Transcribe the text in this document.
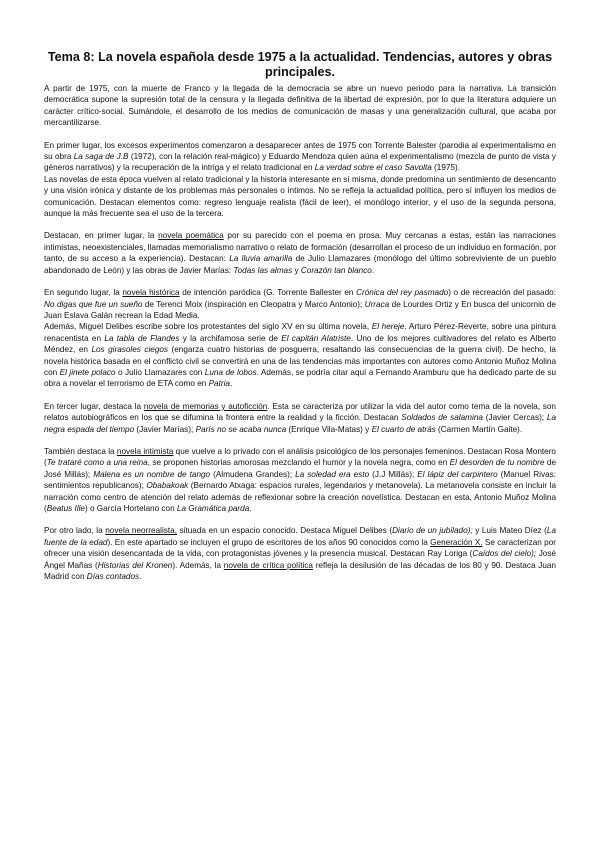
Tema 8: La novela española desde 1975 a la actualidad. Tendencias, autores y obras principales.

A partir de 1975, con la muerte de Franco y la llegada de la democracia se abre un nuevo periodo para la narrativa. La transición democrática supone la supresión total de la censura y la llegada definitiva de la libertad de expresión, por lo que la literatura adquiere un carácter crítico-social. Sumándole, el desarrollo de los medios de comunicación de masas y una generalización cultural, que acaba por mercantilizarse.

En primer lugar, los excesos experimentos comenzaron a desaparecer antes de 1975 con Torrente Balester (parodia al experimentalismo en su obra La saga de J.B (1972), con la relación real-mágico) y Eduardo Mendoza quien aúna el experimentalismo (mezcla de punto de vista y géneros narrativos) y la recuperación de la intriga y el relato tradicional en La verdad sobre el caso Savolta (1975).

Las novelas de esta época vuelven al relato tradicional y la historia interesante en sí misma, donde predomina un sentimiento de desencanto y una visión irónica y distante de los problemas más personales o íntimos. No se refleja la actualidad política, pero sí influyen los medios de comunicación. Destacan elementos como: regreso lenguaje realista (fácil de leer), el monólogo interior, y el uso de la segunda persona, aunque la más frecuente sea el uso de la tercera.

Destacan, en primer lugar, la novela poemática por su parecido con el poema en prosa. Muy cercanas a estas, están las narraciones intimistas, neoexistenciales, llamadas memorialismo narrativo o relato de formación (desarrollan el proceso de un individuo en formación, por tanto, de su acceso a la experiencia). Destacan: La lluvia amarilla de Julio Llamazares (monólogo del último sobreviviente de un pueblo abandonado de León) y las obras de Javier Marías: Todas las almas y Corazón tan blanco.

En segundo lugar, la novela histórica de intención paródica (G. Torrente Ballester en Crónica del rey pasmado) o de recreación del pasado: No digas que fue un sueño de Terenci Moix (inspiración en Cleopatra y Marco Antonio); Urraca de Lourdes Ortiz y En busca del unicornio de Juan Eslava Galán recrean la Edad Media.

Además, Miguel Delibes escribe sobre los protestantes del siglo XV en su última novela, El hereje. Arturo Pérez-Reverte, sobre una pintura renacentista en La tabla de Flandes y la archifamosa serie de El capitán Alatriste. Uno de los mejores cultivadores del relato es Alberto Méndez, en Los girasoles ciegos (engarza cuatro historias de posguerra, resaltando las consecuencias de la guerra civil). De hecho, la novela histórica basada en el conflicto civil se convertirá en una de las tendencias más importantes con autores como Antonio Muñoz Molina con El jinete polaco o Julio Llamazares con Luna de lobos. Además, se podría citar aquí a Fernando Aramburu que ha dedicado parte de su obra a novelar el terrorismo de ETA como en Patria.

En tercer lugar, destaca la novela de memorias y autoficción. Esta se caracteriza por utilizar la vida del autor como tema de la novela, son relatos autobiográficos en los que se difumina la frontera entre la realidad y la ficción. Destacan Soldados de salamina (Javier Cercas); La negra espada del tiempo (Javier Marías); París no se acaba nunca (Enrique Vila-Matas) y El cuarto de atrás (Carmen Martín Gaite).

También destaca la novela intimista que vuelve a lo privado con el análisis psicológico de los personajes femeninos. Destacan Rosa Montero (Te trataré como a una reina, se proponen historias amorosas mezclando el humor y la novela negra, como en El desorden de tu nombre de José Millás); Malena es un nombre de tango (Almudena Grandes); La soledad era esto (J.J Millás); El lápiz del carpintero (Manuel Rivas: sentimientos republicanos); Obabakoak (Bernardo Atxaga: espacios rurales, legendarios y metanovela). La metanovela consiste en incluir la narración como centro de atención del relato además de reflexionar sobre la creación novelística. Destacan en esta, Antonio Muñoz Molina (Beatus Ille) o García Hortelano con La Gramática parda.

Por otro lado, la novela neorrealista, situada en un espacio conocido. Destaca Miguel Delibes (Diario de un jubilado); y Luis Mateo Díez (La fuente de la edad). En este apartado se incluyen el grupo de escritores de los años 90 conocidos como la Generación X. Se caracterizan por ofrecer una visión desencantada de la vida, con protagonistas jóvenes y la presencia musical. Destacan Ray Loriga (Caídos del cielo); José Ángel Mañas (Historias del Kronen). Además, la novela de crítica política refleja la desilusión de las décadas de los 80 y 90. Destaca Juan Madrid con Días contados.
